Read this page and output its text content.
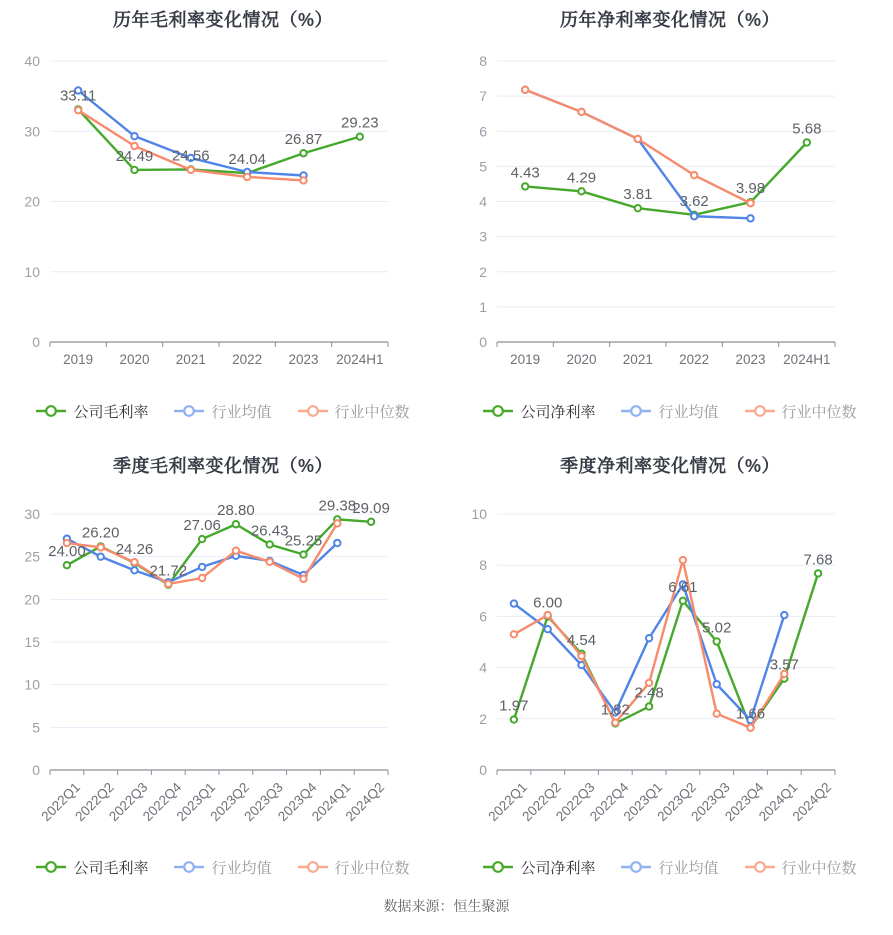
历年毛利率变化情况（%）
0
10
20
30
40
2019 2020 2021 2022 2023 2024H1
33.11
24.49 24.56 24.04
26.87
29.23
公司毛利率	行业均值	行业中位数
历年净利率变化情况（%）
0
1
2
3
4
5
6
7
8
2019 2020 2021 2022 2023 2024H1
4.43 4.29
3.81 3.62
3.98
5.68
公司净利率	行业均值	行业中位数
季度毛利率变化情况（%）
0
5
10
15
20
25
30
2022Q1
2022Q2
2022Q3
2022Q4
2023Q1
2023Q2
2023Q3
2023Q4
2024Q1
2024Q2
24.00
26.20
24.26
21.72
27.06
28.80
26.43
25.25
29.38
29.09
公司毛利率	行业均值	行业中位数
季度净利率变化情况（%）
0
2
4
6
8
10
2022Q1
2022Q2
2022Q3
2022Q4
2023Q1
2023Q2
2023Q3
2023Q4
2024Q1
2024Q2
1.97
6.00
4.54
1.82
2.48
6.61
5.02
1.66
3.57
7.68
公司净利率	行业均值	行业中位数
数据来源：恒生聚源
